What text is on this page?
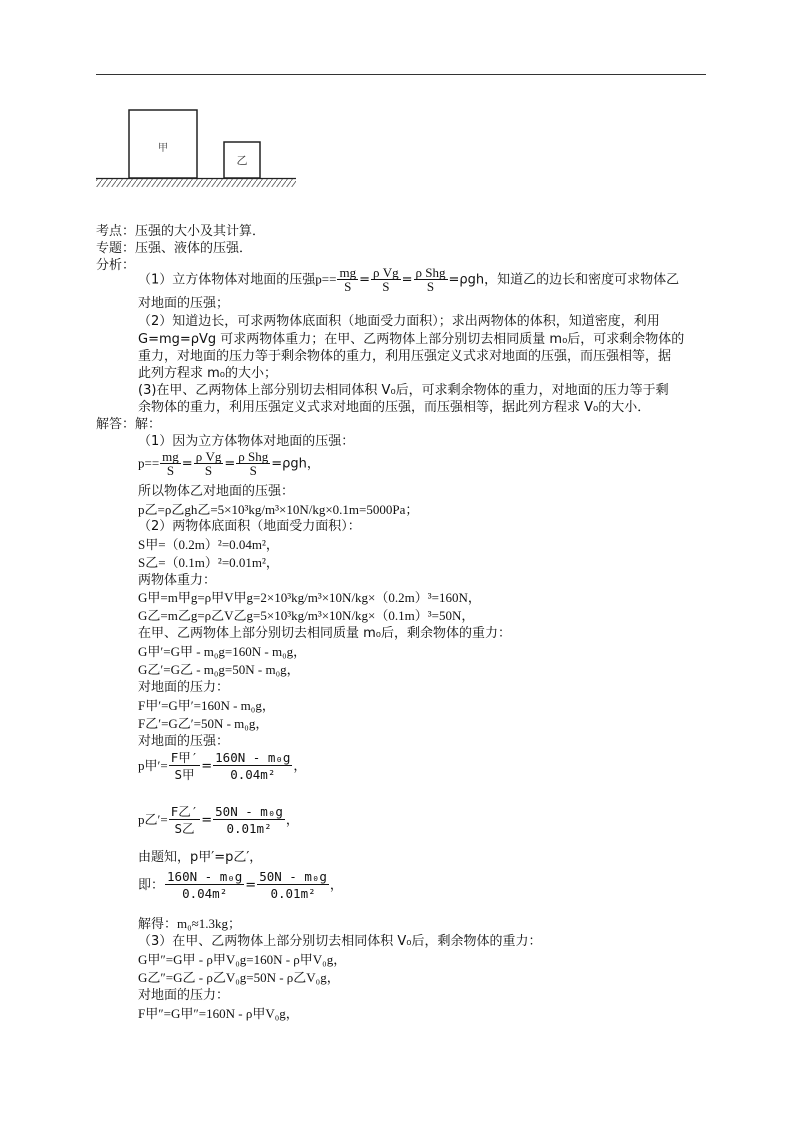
甲
乙
考点：压强的大小及其计算．
专题：压强、液体的压强．
分析：
（1）立方体物体对地面的压强$p== \frac{mg}{S} = \frac{\text{ρ Vg}}{S} = \frac{\text{ρ Shg}}{S} =\rho gh$，知道乙的边长和密度可求物体乙
对地面的压强；
（2）知道边长，可求两物体底面积（地面受力面积）；求出两物体的体积，知道密度，利用
G=mg=ρVg 可求两物体重力；在甲、乙两物体上部分别切去相同质量 m₀后，可求剩余物体的
重力，对地面的压力等于剩余物体的重力，利用压强定义式求对地面的压强，而压强相等，据
此列方程求 m₀的大小；
(3)在甲、乙两物体上部分别切去相同体积 V₀后，可求剩余物体的重力，对地面的压力等于剩
余物体的重力，利用压强定义式求对地面的压强，而压强相等，据此列方程求 V₀的大小．
解答：解：
（1）因为立方体物体对地面的压强：
$p== \frac{mg}{S} = \frac{\text{ρ Vg}}{S} = \frac{\text{ρ Shg}}{S} =\rho gh$，
所以物体乙对地面的压强：
p乙=ρ乙gh乙=5×10³kg/m³×10N/kg×0.1m=5000Pa；
（2）两物体底面积（地面受力面积）：
S甲=（0.2m）²=0.04m²，
S乙=（0.1m）²=0.01m²，
两物体重力：
G甲=m甲g=ρ甲V甲g=2×10³kg/m³×10N/kg×（0.2m）³=160N，
G乙=m乙g=ρ乙V乙g=5×10³kg/m³×10N/kg×（0.1m）³=50N，
在甲、乙两物体上部分别切去相同质量 m₀后，剩余物体的重力：
G甲′=G甲 - m₀g=160N - m₀g，
G乙′=G乙 - m₀g=50N - m₀g，
对地面的压力：
F甲′=G甲′=160N - m₀g，
F乙′=G乙′=50N - m₀g，
对地面的压强：
p甲′= $\frac{\text{F甲′}}{\text{S甲}} = \frac{\text{160N - m₀g}}{\text{0.04m²}}$ ，
p乙′= $\frac{\text{F乙′}}{\text{S乙}} = \frac{\text{50N - m₀g}}{\text{0.01m²}}$ ，
由题知，p甲′=p乙′，
即： $\frac{\text{160N - m₀g}}{\text{0.04m²}} = \frac{\text{50N - m₀g}}{\text{0.01m²}}$ ，
解得：m₀≈1.3kg；
（3）在甲、乙两物体上部分别切去相同体积 V₀后，剩余物体的重力：
G甲″=G甲 - ρ甲V₀g=160N - ρ甲V₀g，
G乙″=G乙 - ρ乙V₀g=50N - ρ乙V₀g，
对地面的压力：
F甲″=G甲″=160N - ρ甲V₀g，
